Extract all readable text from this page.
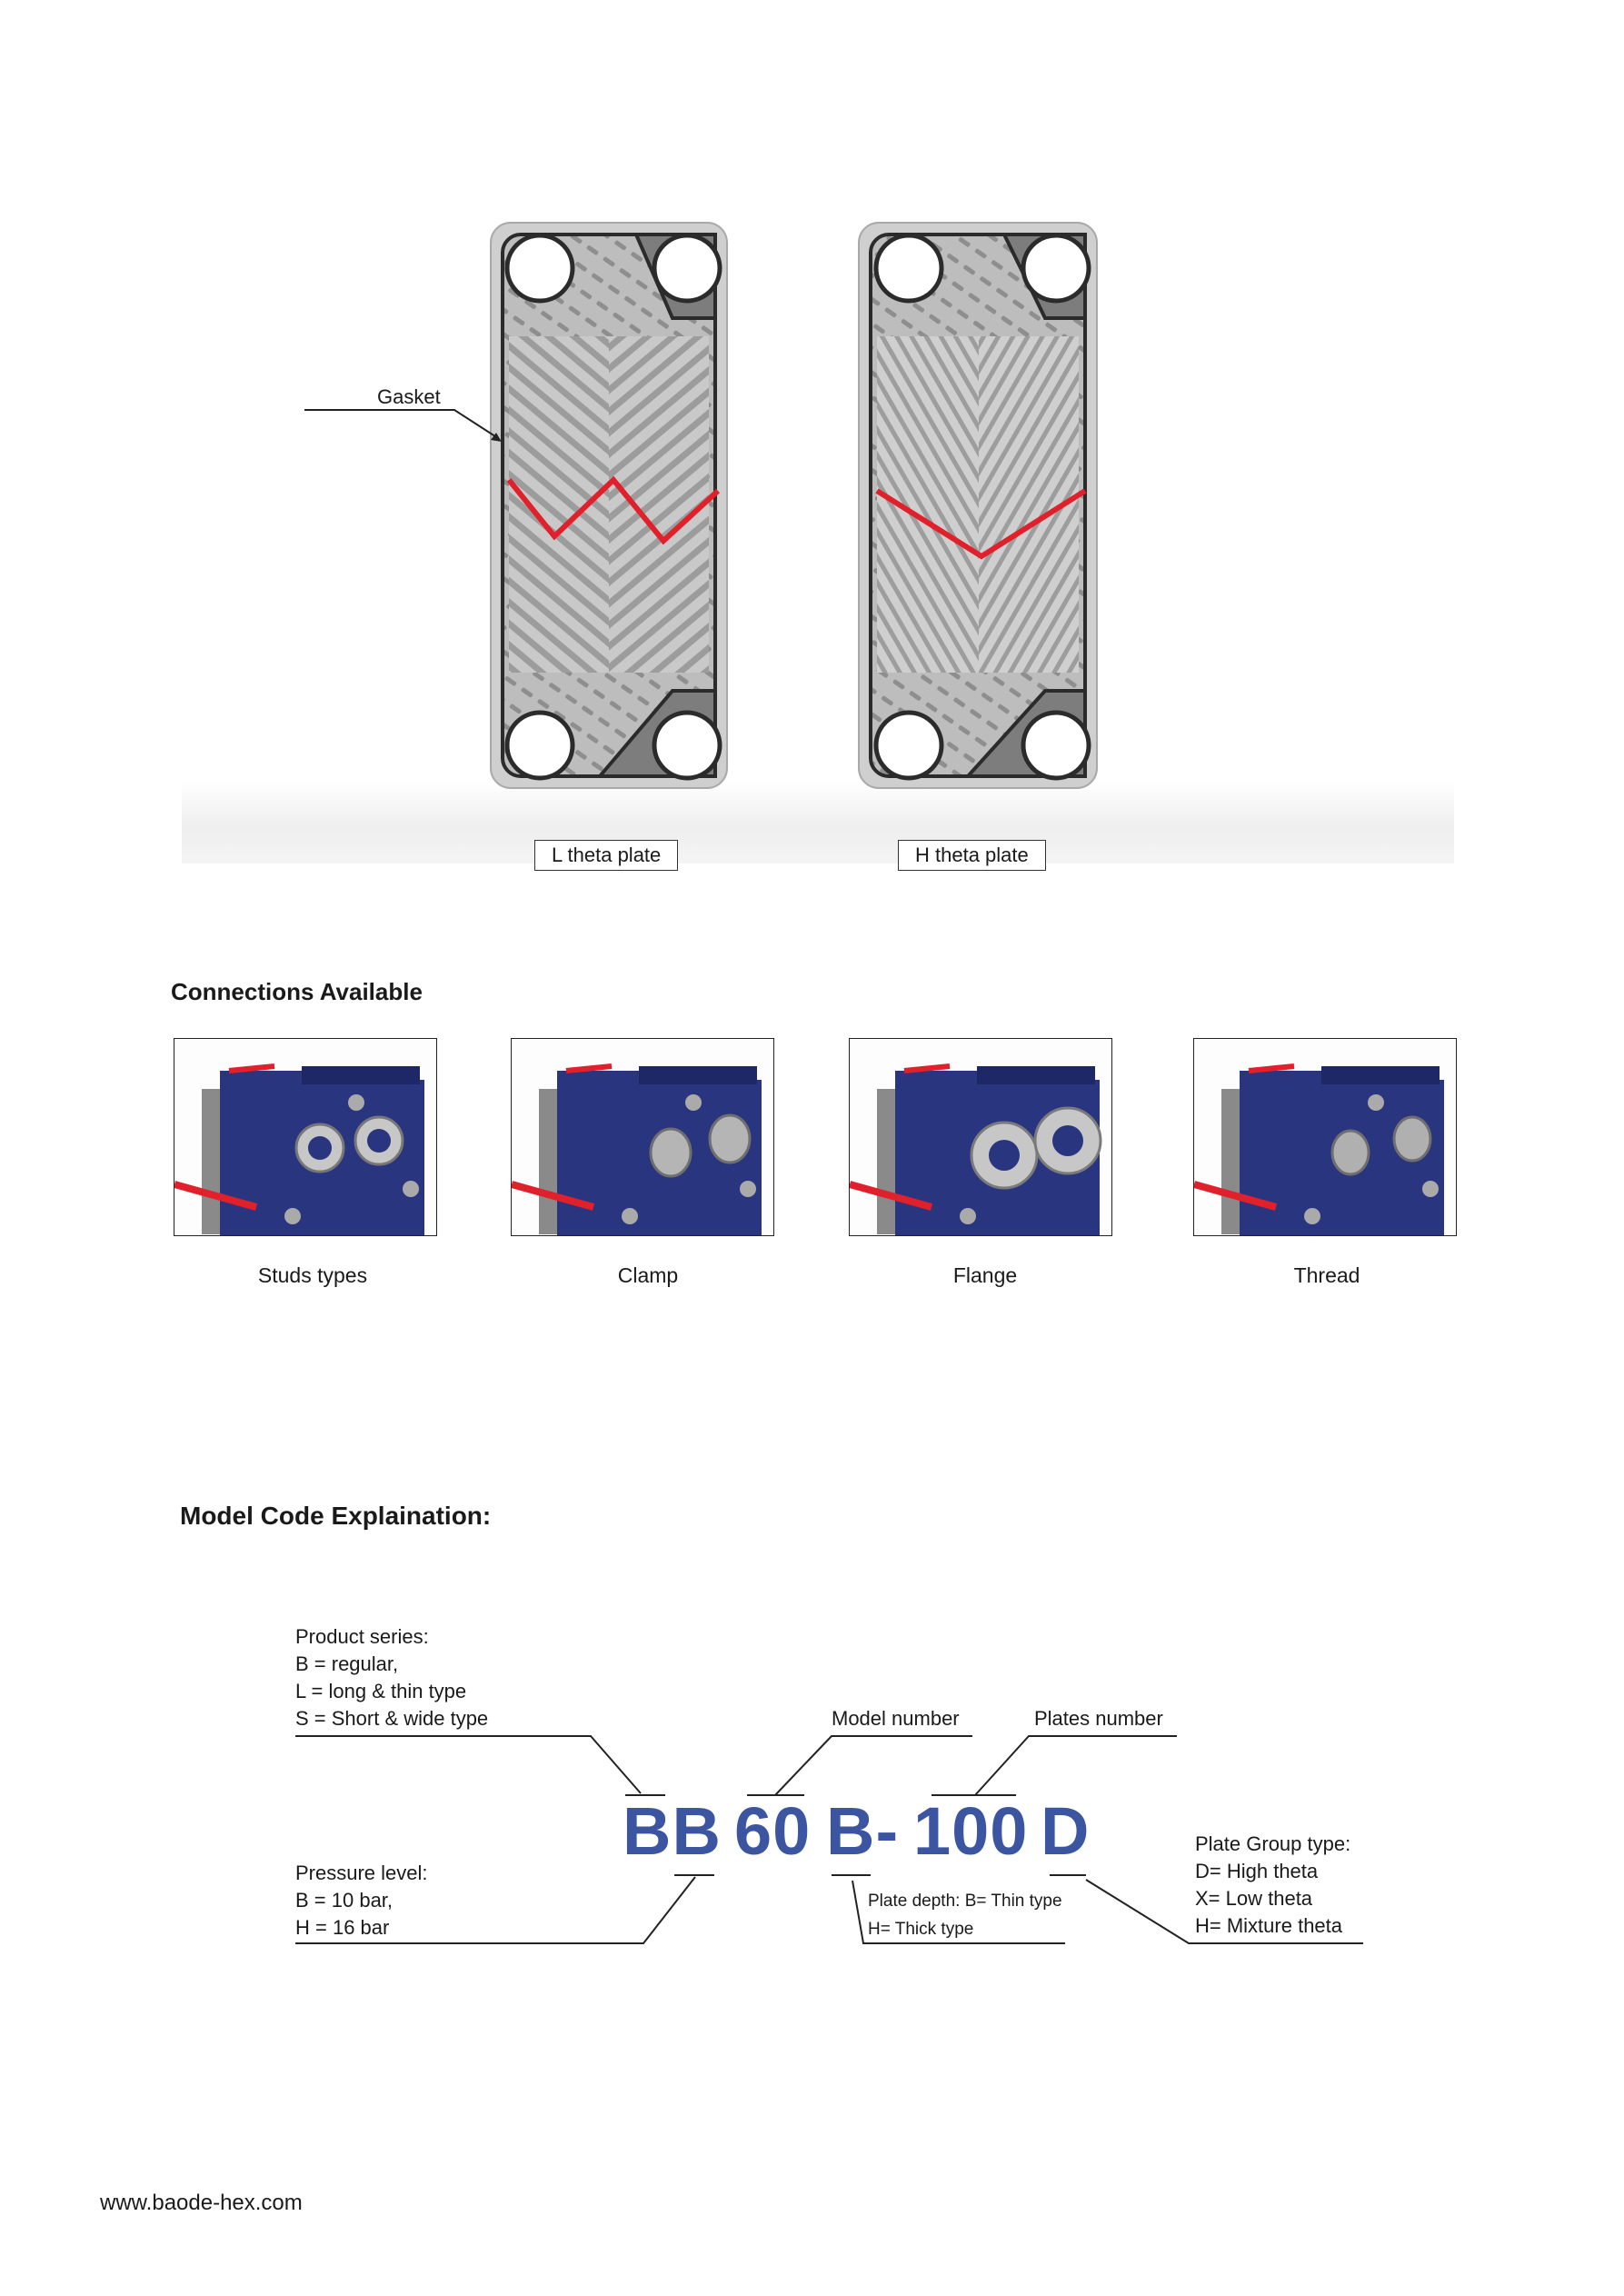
Gasket
L theta plate	H theta plate
Connections Available
Studs types	Clamp	Flange	Thread
Model Code Explaination:
Product series:
B = regular,
L = long & thin type
S = Short & wide type	Model number	Plates number
BB 60 B- 100 D
Pressure level:
B = 10 bar,
H = 16 bar
Plate depth: B= Thin type
H= Thick type
Plate Group type:
D= High theta
X= Low theta
H= Mixture theta
www.baode-hex.com
